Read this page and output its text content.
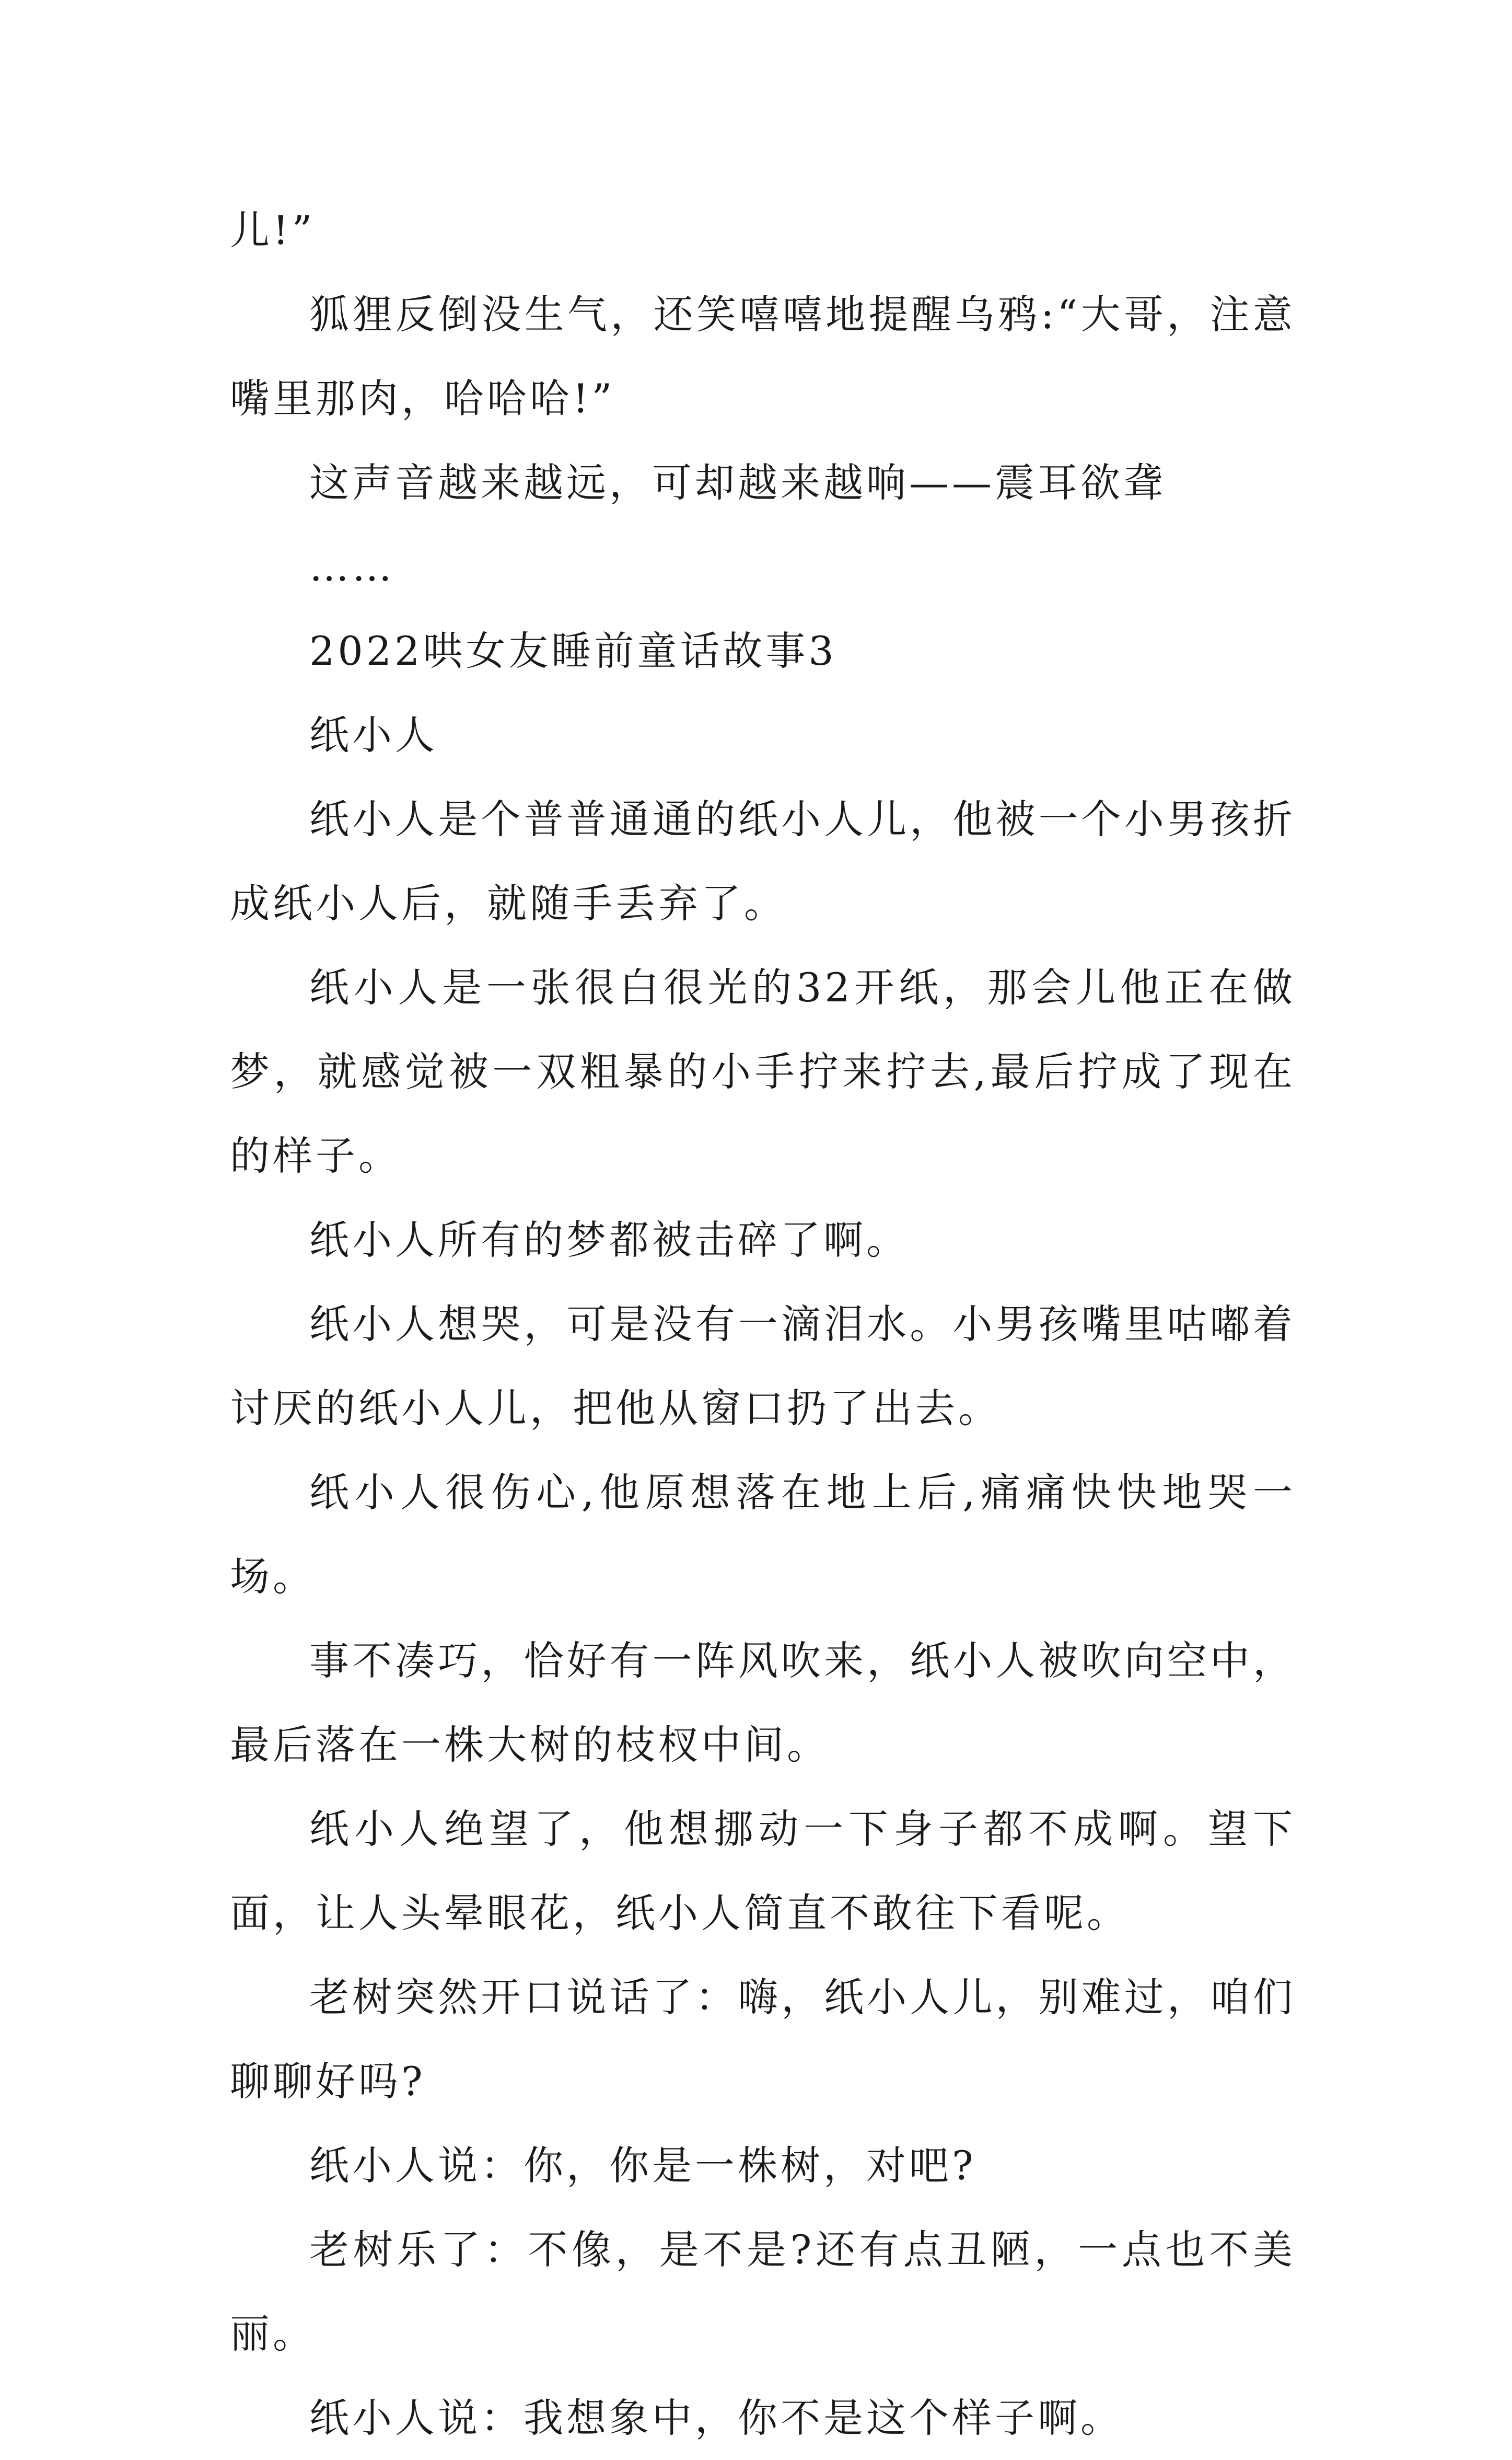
儿!”

狐狸反倒没生气，还笑嘻嘻地提醒乌鸦:“大哥，注意嘴里那肉，哈哈哈!”

这声音越来越远，可却越来越响——震耳欲聋

……

2022哄女友睡前童话故事3

纸小人

纸小人是个普普通通的纸小人儿，他被一个小男孩折成纸小人后，就随手丢弃了。

纸小人是一张很白很光的32开纸，那会儿他正在做梦，就感觉被一双粗暴的小手拧来拧去,最后拧成了现在的样子。

纸小人所有的梦都被击碎了啊。

纸小人想哭，可是没有一滴泪水。小男孩嘴里咕嘟着讨厌的纸小人儿，把他从窗口扔了出去。

纸小人很伤心,他原想落在地上后,痛痛快快地哭一场。

事不凑巧，恰好有一阵风吹来，纸小人被吹向空中，最后落在一株大树的枝杈中间。

纸小人绝望了，他想挪动一下身子都不成啊。望下面，让人头晕眼花，纸小人简直不敢往下看呢。

老树突然开口说话了：嗨，纸小人儿，别难过，咱们聊聊好吗?

纸小人说：你，你是一株树，对吧?

老树乐了：不像，是不是?还有点丑陋，一点也不美丽。

纸小人说：我想象中，你不是这个样子啊。
